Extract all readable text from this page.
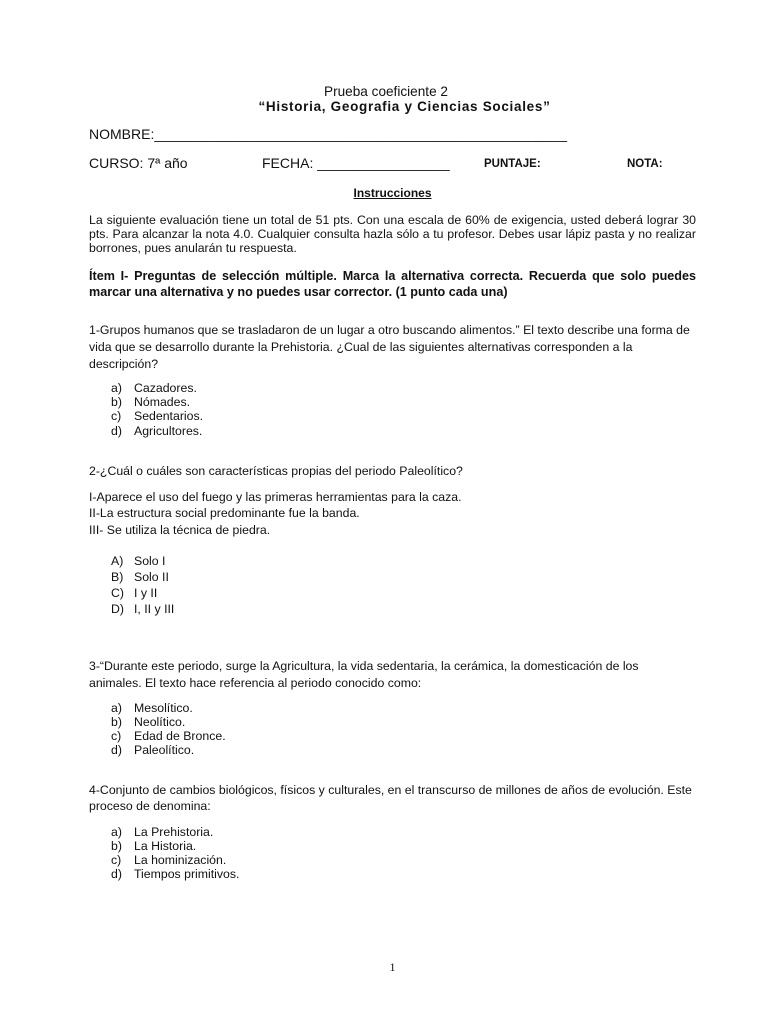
Prueba coeficiente 2
“Historia, Geografia y Ciencias Sociales”
NOMBRE:_____________________________________________________
CURSO: 7ª año	FECHA: _________________	PUNTAJE:	NOTA:
Instrucciones
La siguiente evaluación tiene un total de 51 pts. Con una escala de 60% de exigencia, usted deberá lograr 30
pts. Para alcanzar la nota 4.0. Cualquier consulta hazla sólo a tu profesor. Debes usar lápiz pasta y no realizar
borrones, pues anularán tu respuesta.
Ítem I- Preguntas de selección múltiple. Marca la alternativa correcta. Recuerda que solo puedes
marcar una alternativa y no puedes usar corrector. (1 punto cada una)
1-Grupos humanos que se trasladaron de un lugar a otro buscando alimentos.” El texto describe una forma de
vida que se desarrollo durante la Prehistoria. ¿Cual de las siguientes alternativas corresponden a la
descripción?
a) Cazadores.
b) Nómades.
c) Sedentarios.
d) Agricultores.
2-¿Cuál o cuáles son características propias del periodo Paleolítico?
I-Aparece el uso del fuego y las primeras herramientas para la caza.
II-La estructura social predominante fue la banda.
III- Se utiliza la técnica de piedra.
A) Solo I
B) Solo II
C) I y II
D) I, II y III
3-“Durante este periodo, surge la Agricultura, la vida sedentaria, la cerámica, la domesticación de los
animales. El texto hace referencia al periodo conocido como:
a) Mesolítico.
b) Neolítico.
c) Edad de Bronce.
d) Paleolítico.
4-Conjunto de cambios biológicos, físicos y culturales, en el transcurso de millones de años de evolución. Este
proceso de denomina:
a) La Prehistoria.
b) La Historia.
c) La hominización.
d) Tiempos primitivos.
1
